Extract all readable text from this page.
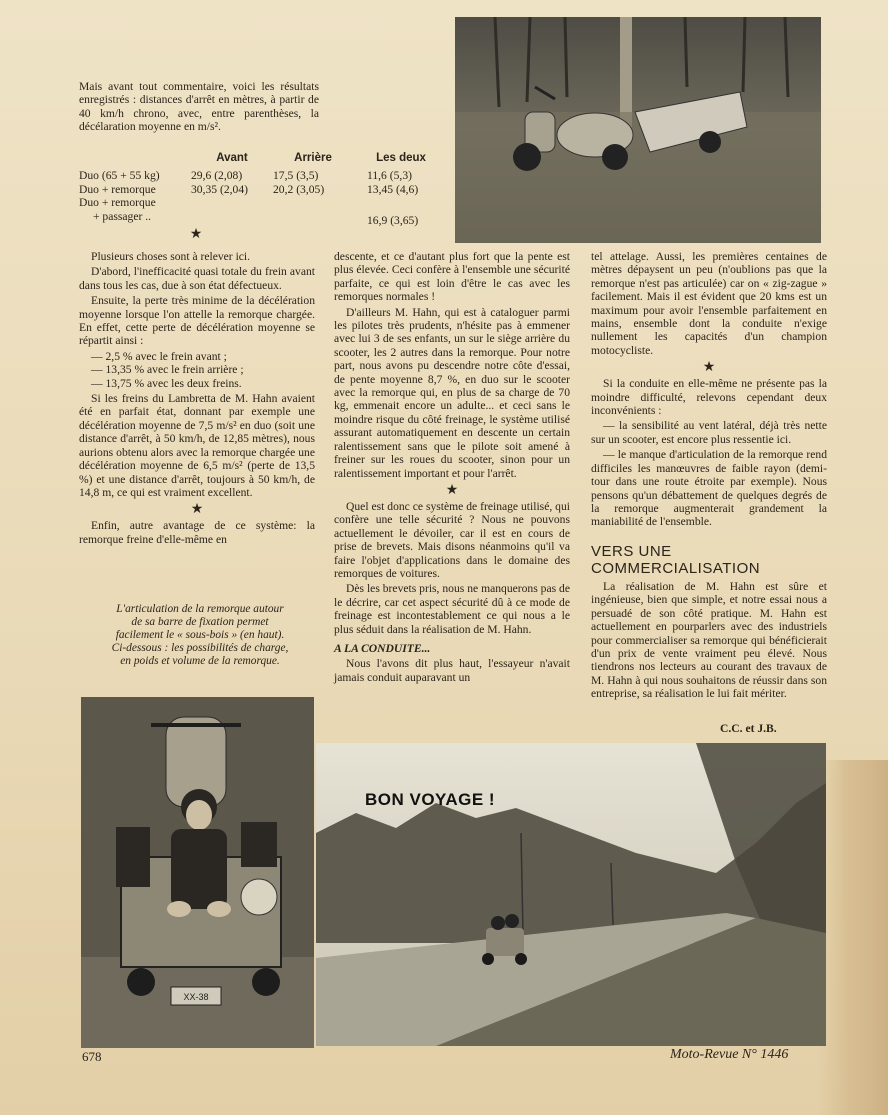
Mais avant tout commentaire, voici les résultats enregistrés : distances d'arrêt en mètres, à partir de 40 km/h chrono, avec, entre parenthèses, la décélaration moyenne en m/s².
	Avant	Arrière	Les deux
Duo (65 + 55 kg)	29,6 (2,08)	17,5 (3,5)	11,6 (5,3)
Duo + remorque	30,35 (2,04)	20,2 (3,05)	13,45 (4,6)
Duo + remorque			
+ passager ..			16,9 (3,65)
★

Plusieurs choses sont à relever ici.

D'abord, l'inefficacité quasi totale du frein avant dans tous les cas, due à son état défectueux.

Ensuite, la perte très minime de la décélération moyenne lorsque l'on attelle la remorque chargée. En effet, cette perte de décélération moyenne se répartit ainsi :

— 2,5 % avec le frein avant ;

— 13,35 % avec le frein arrière ;

— 13,75 % avec les deux freins.

Si les freins du Lambretta de M. Hahn avaient été en parfait état, donnant par exemple une décélération moyenne de 7,5 m/s² en duo (soit une distance d'arrêt, à 50 km/h, de 12,85 mètres), nous aurions obtenu alors avec la remorque chargée une décélération moyenne de 6,5 m/s² (perte de 13,5 %) et une distance d'arrêt, toujours à 50 km/h, de 14,8 m, ce qui est vraiment excellent.

★

Enfin, autre avantage de ce système: la remorque freine d'elle-même en

L'articulation de la remorque autour de sa barre de fixation permet facilement le « sous-bois » (en haut). Ci-dessous : les possibilités de charge, en poids et volume de la remorque.
XX-38

descente, et ce d'autant plus fort que la pente est plus élevée. Ceci confère à l'ensemble une sécurité parfaite, ce qui est loin d'être le cas avec les remorques normales !

D'ailleurs M. Hahn, qui est à cataloguer parmi les pilotes très prudents, n'hésite pas à emmener avec lui 3 de ses enfants, un sur le siège arrière du scooter, les 2 autres dans la remorque. Pour notre part, nous avons pu descendre notre côte d'essai, de pente moyenne 8,7 %, en duo sur le scooter avec la remorque qui, en plus de sa charge de 70 kg, emmenait encore un adulte... et ceci sans le moindre risque du côté freinage, le système utilisé assurant automatiquement en descente un certain ralentissement sans que le pilote soit amené à freiner sur les roues du scooter, sinon pour un ralentissement important et pour l'arrêt.

★

Quel est donc ce système de freinage utilisé, qui confère une telle sécurité ? Nous ne pouvons actuellement le dévoiler, car il est en cours de prise de brevets. Mais disons néanmoins qu'il va faire l'objet d'applications dans le domaine des remorques de voitures.

Dès les brevets pris, nous ne manquerons pas de le décrire, car cet aspect sécurité dû à ce mode de freinage est incontestablement ce qui nous a le plus séduit dans la réalisation de M. Hahn.

A LA CONDUITE...

Nous l'avons dit plus haut, l'essayeur n'avait jamais conduit auparavant un

tel attelage. Aussi, les premières centaines de mètres dépaysent un peu (n'oublions pas que la remorque n'est pas articulée) car on « zig-zague » facilement. Mais il est évident que 20 kms est un maximum pour avoir l'ensemble parfaitement en mains, ensemble dont la conduite n'exige nullement les capacités d'un champion motocycliste.

★

Si la conduite en elle-même ne présente pas la moindre difficulté, relevons cependant deux inconvénients :

— la sensibilité au vent latéral, déjà très nette sur un scooter, est encore plus ressentie ici.

— le manque d'articulation de la remorque rend difficiles les manœuvres de faible rayon (demi-tour dans une route étroite par exemple). Nous pensons qu'un débattement de quelques degrés de la remorque augmenterait grandement la maniabilité de l'ensemble.

VERS UNE COMMERCIALISATION

La réalisation de M. Hahn est sûre et ingénieuse, bien que simple, et notre essai nous a persuadé de son côté pratique. M. Hahn est actuellement en pourparlers avec des industriels pour commercialiser sa remorque qui bénéficierait d'un prix de vente vraiment peu élevé. Nous tiendrons nos lecteurs au courant des travaux de M. Hahn à qui nous souhaitons de réussir dans son entreprise, sa réalisation le lui fait mériter.

C.C. et J.B.
BON VOYAGE !
678	Moto-Revue N° 1446
